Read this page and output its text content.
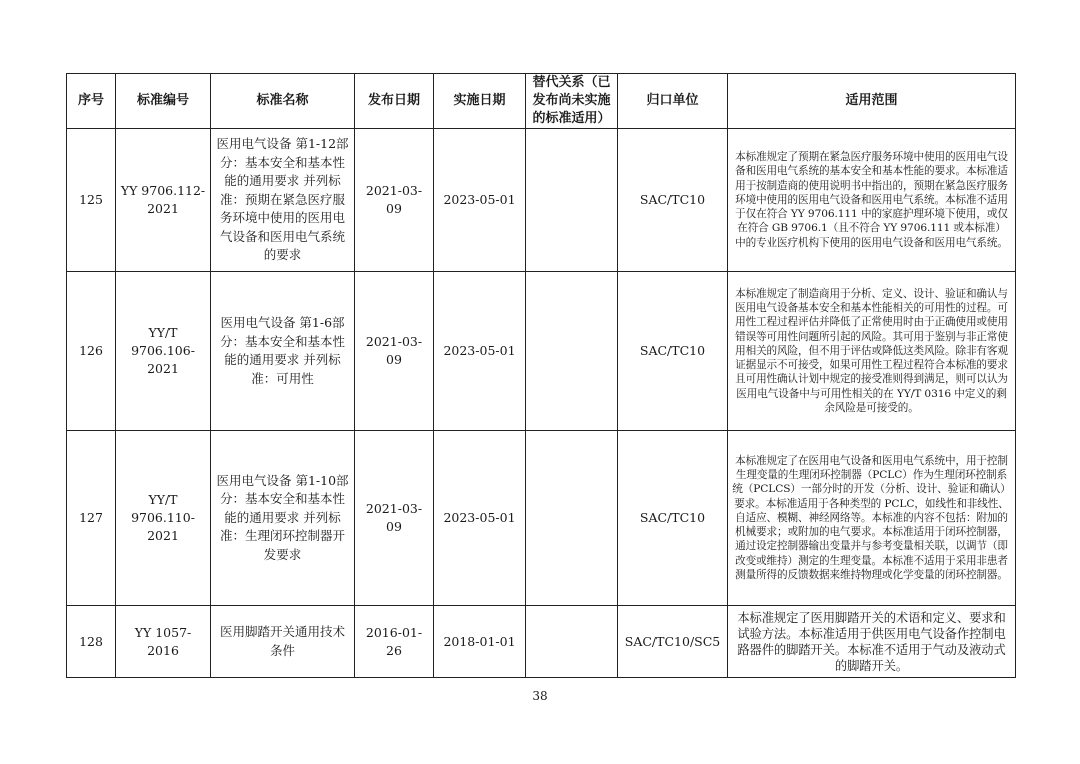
序号	标准编号	标准名称	发布日期	实施日期	替代关系（已发布尚未实施的标准适用）	归口单位	适用范围
125	YY 9706.112-2021	医用电气设备 第1-12部分：基本安全和基本性能的通用要求 并列标准：预期在紧急医疗服务环境中使用的医用电气设备和医用电气系统的要求	2021-03-09	2023-05-01		SAC/TC10	本标准规定了预期在紧急医疗服务环境中使用的医用电气设备和医用电气系统的基本安全和基本性能的要求。本标准适用于按制造商的使用说明书中指出的，预期在紧急医疗服务环境中使用的医用电气设备和医用电气系统。本标准不适用于仅在符合 YY 9706.111 中的家庭护理环境下使用，或仅在符合 GB 9706.1（且不符合 YY 9706.111 或本标准）中的专业医疗机构下使用的医用电气设备和医用电气系统。
126	YY/T 9706.106-2021	医用电气设备 第1-6部分：基本安全和基本性能的通用要求 并列标准：可用性	2021-03-09	2023-05-01		SAC/TC10	本标准规定了制造商用于分析、定义、设计、验证和确认与医用电气设备基本安全和基本性能相关的可用性的过程。可用性工程过程评估并降低了正常使用时由于正确使用或使用错误等可用性问题所引起的风险。其可用于鉴别与非正常使用相关的风险，但不用于评估或降低这类风险。除非有客观证据显示不可接受，如果可用性工程过程符合本标准的要求且可用性确认计划中规定的接受准则得到满足，则可以认为医用电气设备中与可用性相关的在 YY/T 0316 中定义的剩余风险是可接受的。
127	YY/T 9706.110-2021	医用电气设备 第1-10部分：基本安全和基本性能的通用要求 并列标准：生理闭环控制器开发要求	2021-03-09	2023-05-01		SAC/TC10	本标准规定了在医用电气设备和医用电气系统中，用于控制生理变量的生理闭环控制器（PCLC）作为生理闭环控制系统（PCLCS）一部分时的开发（分析、设计、验证和确认）要求。本标准适用于各种类型的 PCLC，如线性和非线性、自适应、模糊、神经网络等。本标准的内容不包括：附加的机械要求；或附加的电气要求。本标准适用于闭环控制器，通过设定控制器输出变量并与参考变量相关联，以调节（即改变或维持）测定的生理变量。本标准不适用于采用非患者测量所得的反馈数据来维持物理或化学变量的闭环控制器。
128	YY 1057-2016	医用脚踏开关通用技术条件	2016-01-26	2018-01-01		SAC/TC10/SC5	本标准规定了医用脚踏开关的术语和定义、要求和试验方法。本标准适用于供医用电气设备作控制电路器件的脚踏开关。本标准不适用于气动及液动式的脚踏开关。
38
